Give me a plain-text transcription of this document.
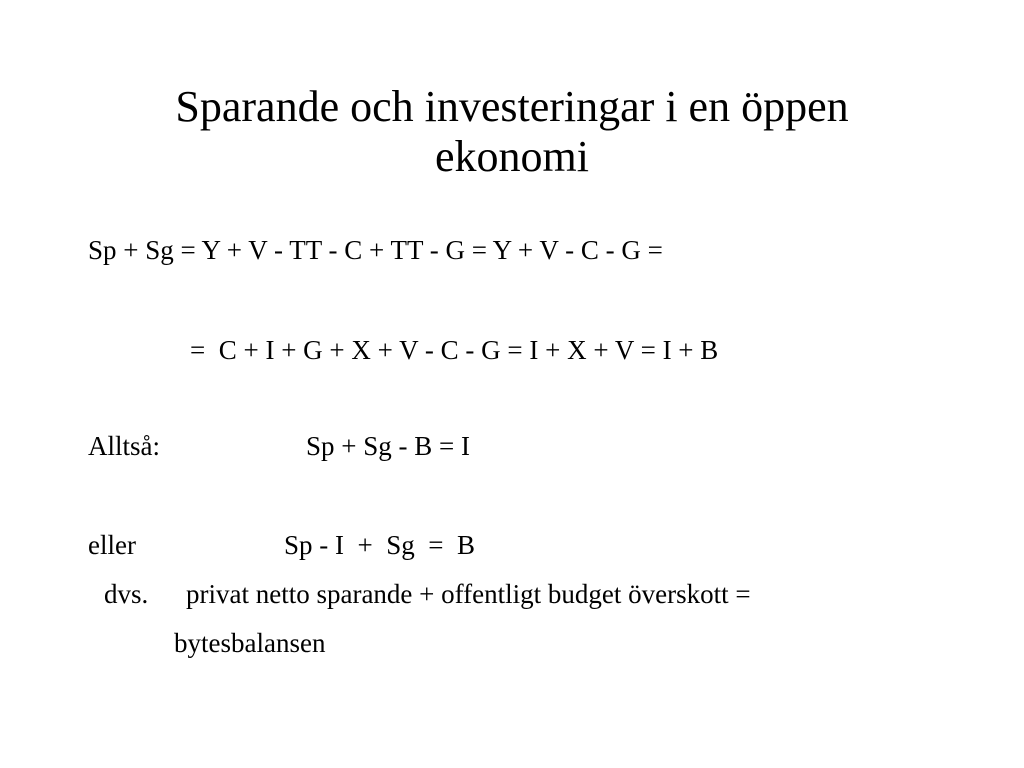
Sparande och investeringar i en öppen
ekonomi
Sp + Sg = Y + V - TT - C + TT - G = Y + V - C - G =
=  C + I + G + X + V - C - G = I + X + V = I + B
Alltså:	Sp + Sg - B = I
eller	Sp - I  +  Sg  =  B
dvs. privat netto sparande + offentligt budget överskott =
bytesbalansen
